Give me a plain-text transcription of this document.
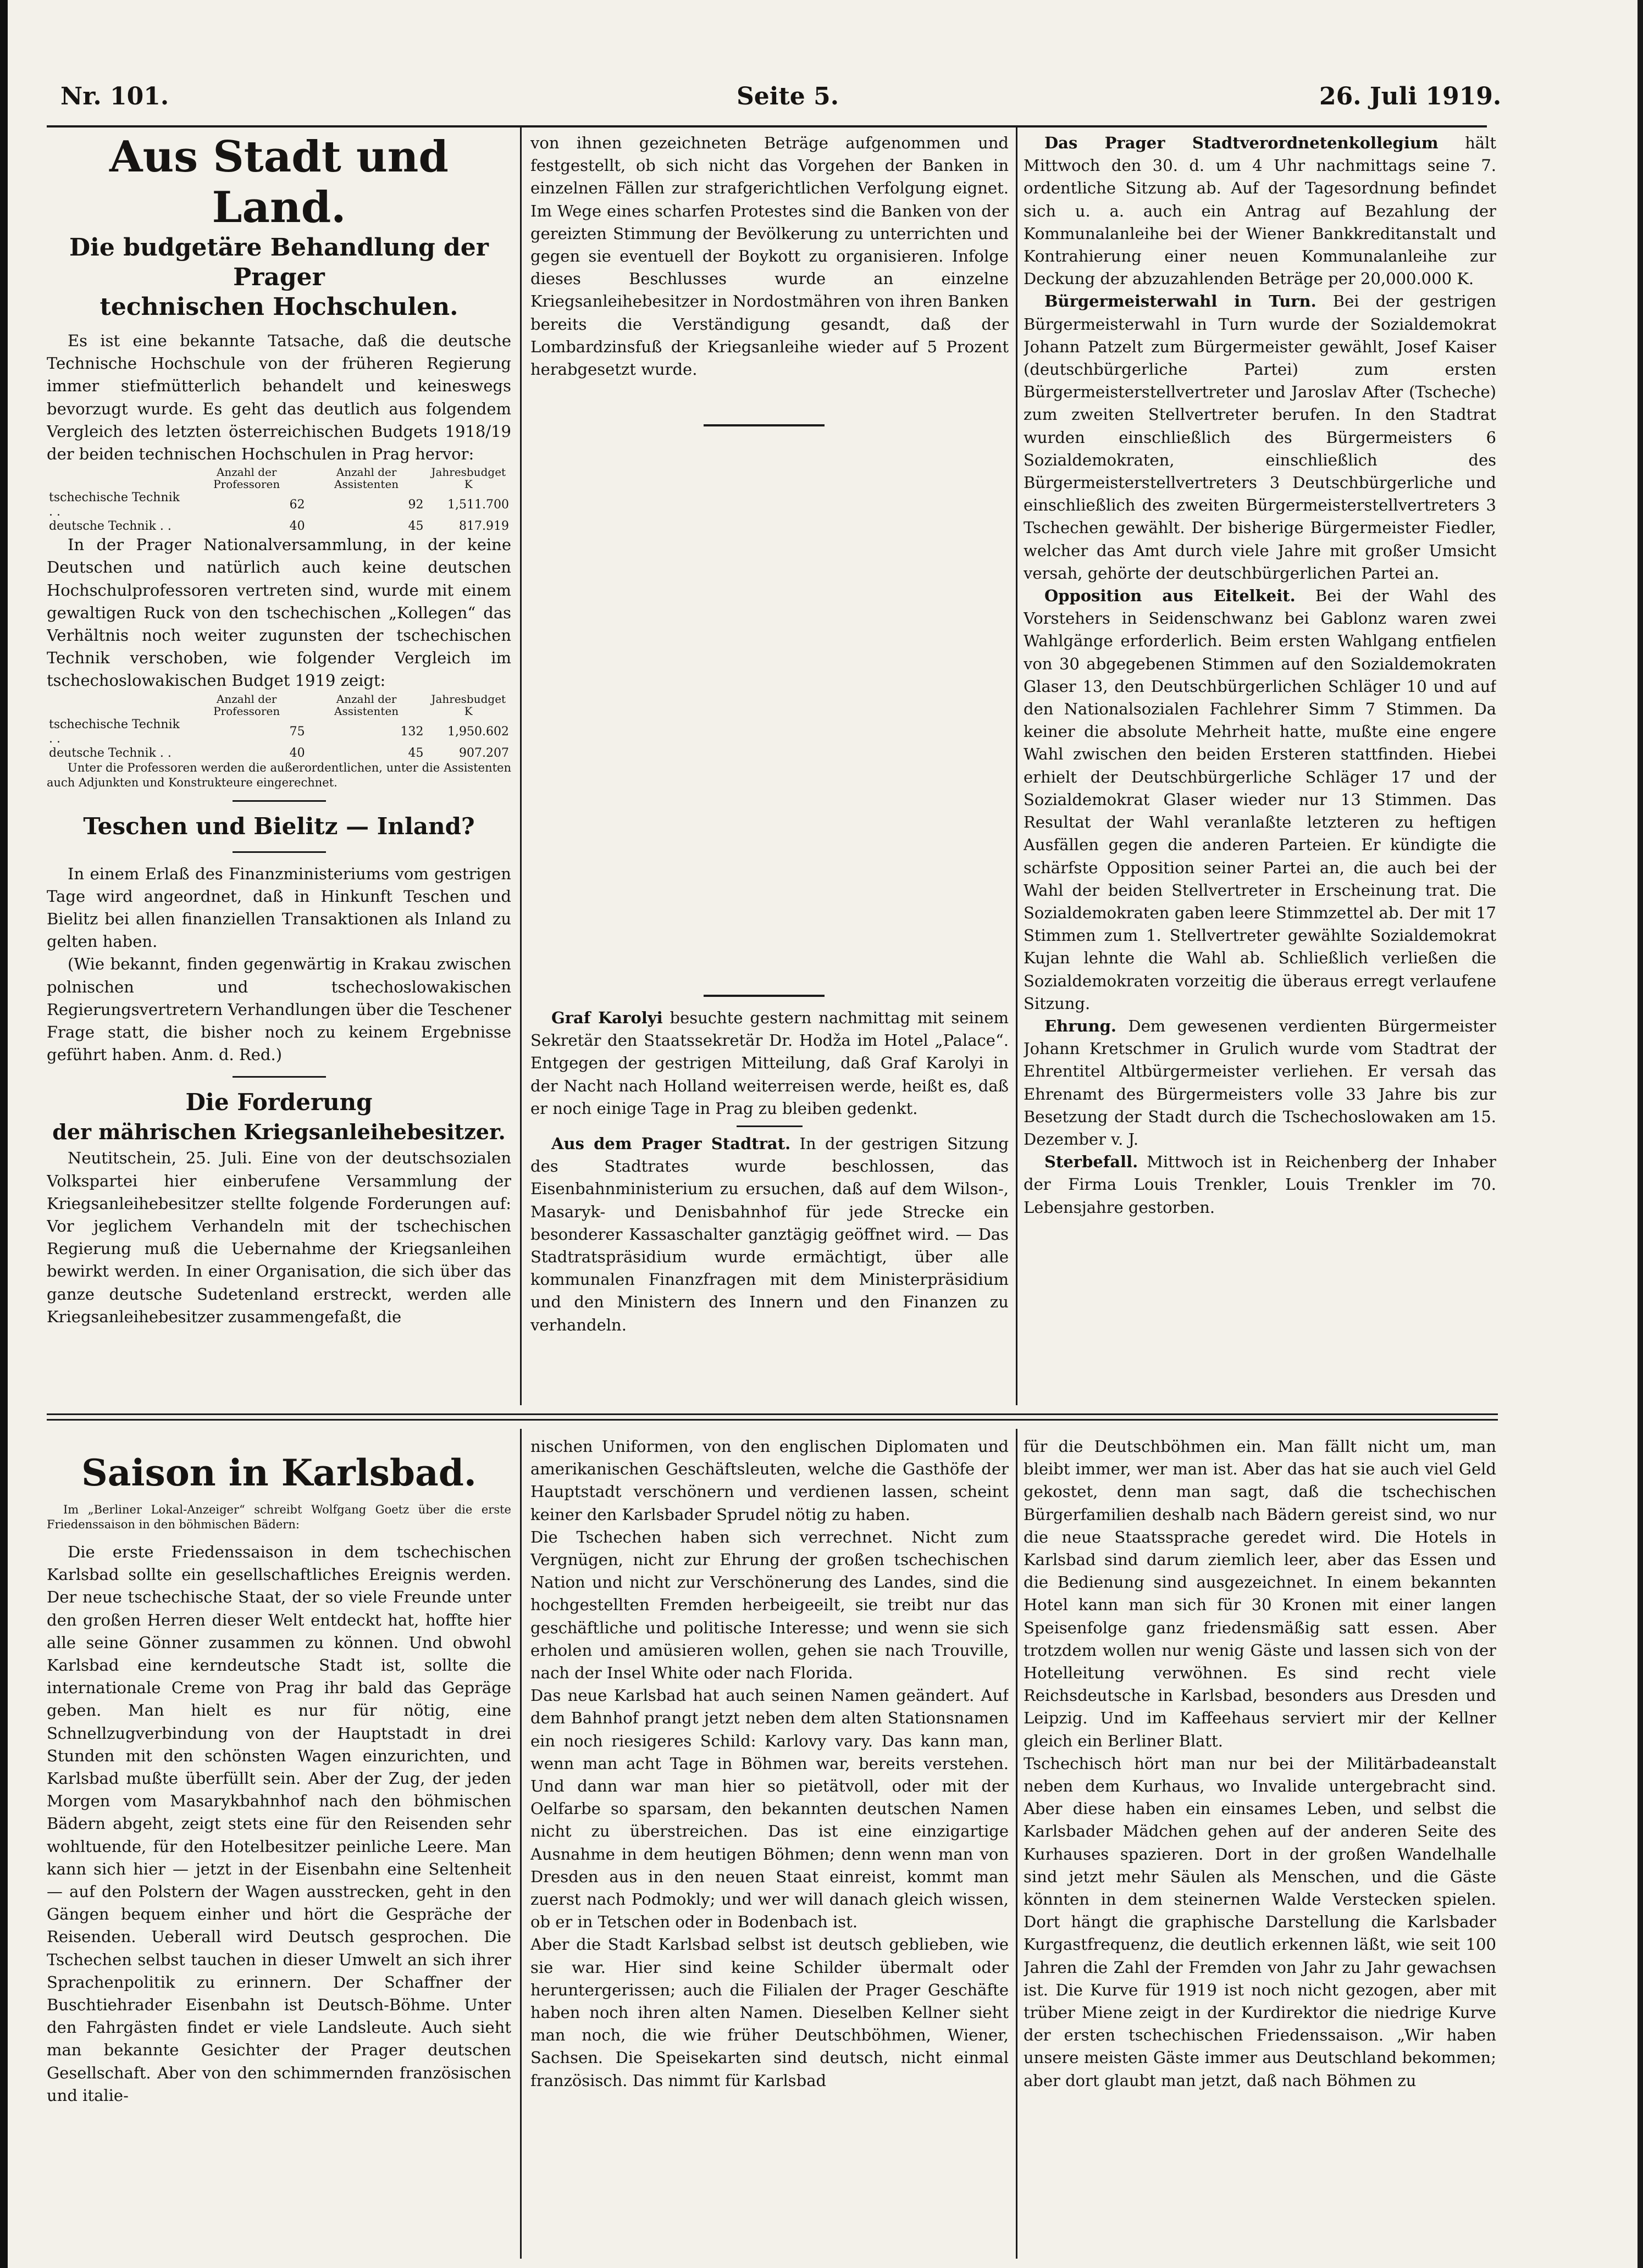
Nr. 101.	Seite 5.	26. Juli 1919.
Aus Stadt und Land.
Die budgetäre Behandlung der Prager
technischen Hochschulen.

Es ist eine bekannte Tatsache, daß die deutsche Technische Hochschule von der früheren Regierung immer stiefmütterlich behandelt und keineswegs bevorzugt wurde. Es geht das deutlich aus folgendem Vergleich des letzten österreichischen Budgets 1918/19 der beiden technischen Hochschulen in Prag hervor:

	Anzahl der Professoren	Anzahl der Assistenten	Jahresbudget K
tschechische Technik . .	62	92	1,511.700
deutsche Technik . .	40	45	817.919

In der Prager Nationalversammlung, in der keine Deutschen und natürlich auch keine deutschen Hochschulprofessoren vertreten sind, wurde mit einem gewaltigen Ruck von den tschechischen „Kollegen“ das Verhältnis noch weiter zugunsten der tschechischen Technik verschoben, wie folgender Vergleich im tschechoslowakischen Budget 1919 zeigt:

	Anzahl der Professoren	Anzahl der Assistenten	Jahresbudget K
tschechische Technik . .	75	132	1,950.602
deutsche Technik . .	40	45	907.207

Unter die Professoren werden die außerordentlichen, unter die Assistenten auch Adjunkten und Konstrukteure eingerechnet.

Teschen und Bielitz — Inland?

In einem Erlaß des Finanzministeriums vom gestrigen Tage wird angeordnet, daß in Hinkunft Teschen und Bielitz bei allen finanziellen Transaktionen als Inland zu gelten haben.

(Wie bekannt, finden gegenwärtig in Krakau zwischen polnischen und tschechoslowakischen Regierungsvertretern Verhandlungen über die Teschener Frage statt, die bisher noch zu keinem Ergebnisse geführt haben. Anm. d. Red.)

Die Forderung
der mährischen Kriegsanleihebesitzer.

Neutitschein, 25. Juli. Eine von der deutschsozialen Volkspartei hier einberufene Versammlung der Kriegsanleihebesitzer stellte folgende Forderungen auf: Vor jeglichem Verhandeln mit der tschechischen Regierung muß die Uebernahme der Kriegsanleihen bewirkt werden. In einer Organisation, die sich über das ganze deutsche Sudetenland erstreckt, werden alle Kriegsanleihebesitzer zusammengefaßt, die

von ihnen gezeichneten Beträge aufgenommen und festgestellt, ob sich nicht das Vorgehen der Banken in einzelnen Fällen zur strafgerichtlichen Verfolgung eignet. Im Wege eines scharfen Protestes sind die Banken von der gereizten Stimmung der Bevölkerung zu unterrichten und gegen sie eventuell der Boykott zu organisieren. Infolge dieses Beschlusses wurde an einzelne Kriegsanleihebesitzer in Nordostmähren von ihren Banken bereits die Verständigung gesandt, daß der Lombardzinsfuß der Kriegsanleihe wieder auf 5 Prozent herabgesetzt wurde.

Graf Karolyi besuchte gestern nachmittag mit seinem Sekretär den Staatssekretär Dr. Hodža im Hotel „Palace“. Entgegen der gestrigen Mitteilung, daß Graf Karolyi in der Nacht nach Holland weiterreisen werde, heißt es, daß er noch einige Tage in Prag zu bleiben gedenkt.

Aus dem Prager Stadtrat. In der gestrigen Sitzung des Stadtrates wurde beschlossen, das Eisenbahnministerium zu ersuchen, daß auf dem Wilson-, Masaryk- und Denisbahnhof für jede Strecke ein besonderer Kassaschalter ganztägig geöffnet wird. — Das Stadtratspräsidium wurde ermächtigt, über alle kommunalen Finanzfragen mit dem Ministerpräsidium und den Ministern des Innern und den Finanzen zu verhandeln.

Das Prager Stadtverordnetenkollegium hält Mittwoch den 30. d. um 4 Uhr nachmittags seine 7. ordentliche Sitzung ab. Auf der Tagesordnung befindet sich u. a. auch ein Antrag auf Bezahlung der Kommunalanleihe bei der Wiener Bankkreditanstalt und Kontrahierung einer neuen Kommunalanleihe zur Deckung der abzuzahlenden Beträge per 20,000.000 K.

Bürgermeisterwahl in Turn. Bei der gestrigen Bürgermeisterwahl in Turn wurde der Sozialdemokrat Johann Patzelt zum Bürgermeister gewählt, Josef Kaiser (deutschbürgerliche Partei) zum ersten Bürgermeisterstellvertreter und Jaroslav After (Tscheche) zum zweiten Stellvertreter berufen. In den Stadtrat wurden einschließlich des Bürgermeisters 6 Sozialdemokraten, einschließlich des Bürgermeisterstellvertreters 3 Deutschbürgerliche und einschließlich des zweiten Bürgermeisterstellvertreters 3 Tschechen gewählt. Der bisherige Bürgermeister Fiedler, welcher das Amt durch viele Jahre mit großer Umsicht versah, gehörte der deutschbürgerlichen Partei an.

Opposition aus Eitelkeit. Bei der Wahl des Vorstehers in Seidenschwanz bei Gablonz waren zwei Wahlgänge erforderlich. Beim ersten Wahlgang entfielen von 30 abgegebenen Stimmen auf den Sozialdemokraten Glaser 13, den Deutschbürgerlichen Schläger 10 und auf den Nationalsozialen Fachlehrer Simm 7 Stimmen. Da keiner die absolute Mehrheit hatte, mußte eine engere Wahl zwischen den beiden Ersteren stattfinden. Hiebei erhielt der Deutschbürgerliche Schläger 17 und der Sozialdemokrat Glaser wieder nur 13 Stimmen. Das Resultat der Wahl veranlaßte letzteren zu heftigen Ausfällen gegen die anderen Parteien. Er kündigte die schärfste Opposition seiner Partei an, die auch bei der Wahl der beiden Stellvertreter in Erscheinung trat. Die Sozialdemokraten gaben leere Stimmzettel ab. Der mit 17 Stimmen zum 1. Stellvertreter gewählte Sozialdemokrat Kujan lehnte die Wahl ab. Schließlich verließen die Sozialdemokraten vorzeitig die überaus erregt verlaufene Sitzung.

Ehrung. Dem gewesenen verdienten Bürgermeister Johann Kretschmer in Grulich wurde vom Stadtrat der Ehrentitel Altbürgermeister verliehen. Er versah das Ehrenamt des Bürgermeisters volle 33 Jahre bis zur Besetzung der Stadt durch die Tschechoslowaken am 15. Dezember v. J.

Sterbefall. Mittwoch ist in Reichenberg der Inhaber der Firma Louis Trenkler, Louis Trenkler im 70. Lebensjahre gestorben.

Saison in Karlsbad.

Im „Berliner Lokal-Anzeiger“ schreibt Wolfgang Goetz über die erste Friedenssaison in den böhmischen Bädern:

Die erste Friedenssaison in dem tschechischen Karlsbad sollte ein gesellschaftliches Ereignis werden. Der neue tschechische Staat, der so viele Freunde unter den großen Herren dieser Welt entdeckt hat, hoffte hier alle seine Gönner zusammen zu können. Und obwohl Karlsbad eine kerndeutsche Stadt ist, sollte die internationale Creme von Prag ihr bald das Gepräge geben. Man hielt es nur für nötig, eine Schnellzugverbindung von der Hauptstadt in drei Stunden mit den schönsten Wagen einzurichten, und Karlsbad mußte überfüllt sein. Aber der Zug, der jeden Morgen vom Masarykbahnhof nach den böhmischen Bädern abgeht, zeigt stets eine für den Reisenden sehr wohltuende, für den Hotelbesitzer peinliche Leere. Man kann sich hier — jetzt in der Eisenbahn eine Seltenheit — auf den Polstern der Wagen ausstrecken, geht in den Gängen bequem einher und hört die Gespräche der Reisenden. Ueberall wird Deutsch gesprochen. Die Tschechen selbst tauchen in dieser Umwelt an sich ihrer Sprachenpolitik zu erinnern. Der Schaffner der Buschtiehrader Eisenbahn ist Deutsch-Böhme. Unter den Fahrgästen findet er viele Landsleute. Auch sieht man bekannte Gesichter der Prager deutschen Gesellschaft. Aber von den schimmernden französischen und italie-

nischen Uniformen, von den englischen Diplomaten und amerikanischen Geschäftsleuten, welche die Gasthöfe der Hauptstadt verschönern und verdienen lassen, scheint keiner den Karlsbader Sprudel nötig zu haben.
Die Tschechen haben sich verrechnet. Nicht zum Vergnügen, nicht zur Ehrung der großen tschechischen Nation und nicht zur Verschönerung des Landes, sind die hochgestellten Fremden herbeigeeilt, sie treibt nur das geschäftliche und politische Interesse; und wenn sie sich erholen und amüsieren wollen, gehen sie nach Trouville, nach der Insel White oder nach Florida.
Das neue Karlsbad hat auch seinen Namen geändert. Auf dem Bahnhof prangt jetzt neben dem alten Stationsnamen ein noch riesigeres Schild: Karlovy vary. Das kann man, wenn man acht Tage in Böhmen war, bereits verstehen. Und dann war man hier so pietätvoll, oder mit der Oelfarbe so sparsam, den bekannten deutschen Namen nicht zu überstreichen. Das ist eine einzigartige Ausnahme in dem heutigen Böhmen; denn wenn man von Dresden aus in den neuen Staat einreist, kommt man zuerst nach Podmokly; und wer will danach gleich wissen, ob er in Tetschen oder in Bodenbach ist.
Aber die Stadt Karlsbad selbst ist deutsch geblieben, wie sie war. Hier sind keine Schilder übermalt oder heruntergerissen; auch die Filialen der Prager Geschäfte haben noch ihren alten Namen. Dieselben Kellner sieht man noch, die wie früher Deutschböhmen, Wiener, Sachsen. Die Speisekarten sind deutsch, nicht einmal französisch. Das nimmt für Karlsbad

für die Deutschböhmen ein. Man fällt nicht um, man bleibt immer, wer man ist. Aber das hat sie auch viel Geld gekostet, denn man sagt, daß die tschechischen Bürgerfamilien deshalb nach Bädern gereist sind, wo nur die neue Staatssprache geredet wird. Die Hotels in Karlsbad sind darum ziemlich leer, aber das Essen und die Bedienung sind ausgezeichnet. In einem bekannten Hotel kann man sich für 30 Kronen mit einer langen Speisenfolge ganz friedensmäßig satt essen. Aber trotzdem wollen nur wenig Gäste und lassen sich von der Hotelleitung verwöhnen. Es sind recht viele Reichsdeutsche in Karlsbad, besonders aus Dresden und Leipzig. Und im Kaffeehaus serviert mir der Kellner gleich ein Berliner Blatt.
Tschechisch hört man nur bei der Militärbadeanstalt neben dem Kurhaus, wo Invalide untergebracht sind. Aber diese haben ein einsames Leben, und selbst die Karlsbader Mädchen gehen auf der anderen Seite des Kurhauses spazieren. Dort in der großen Wandelhalle sind jetzt mehr Säulen als Menschen, und die Gäste könnten in dem steinernen Walde Verstecken spielen. Dort hängt die graphische Darstellung die Karlsbader Kurgastfrequenz, die deutlich erkennen läßt, wie seit 100 Jahren die Zahl der Fremden von Jahr zu Jahr gewachsen ist. Die Kurve für 1919 ist noch nicht gezogen, aber mit trüber Miene zeigt in der Kurdirektor die niedrige Kurve der ersten tschechischen Friedenssaison. „Wir haben unsere meisten Gäste immer aus Deutschland bekommen; aber dort glaubt man jetzt, daß nach Böhmen zu
